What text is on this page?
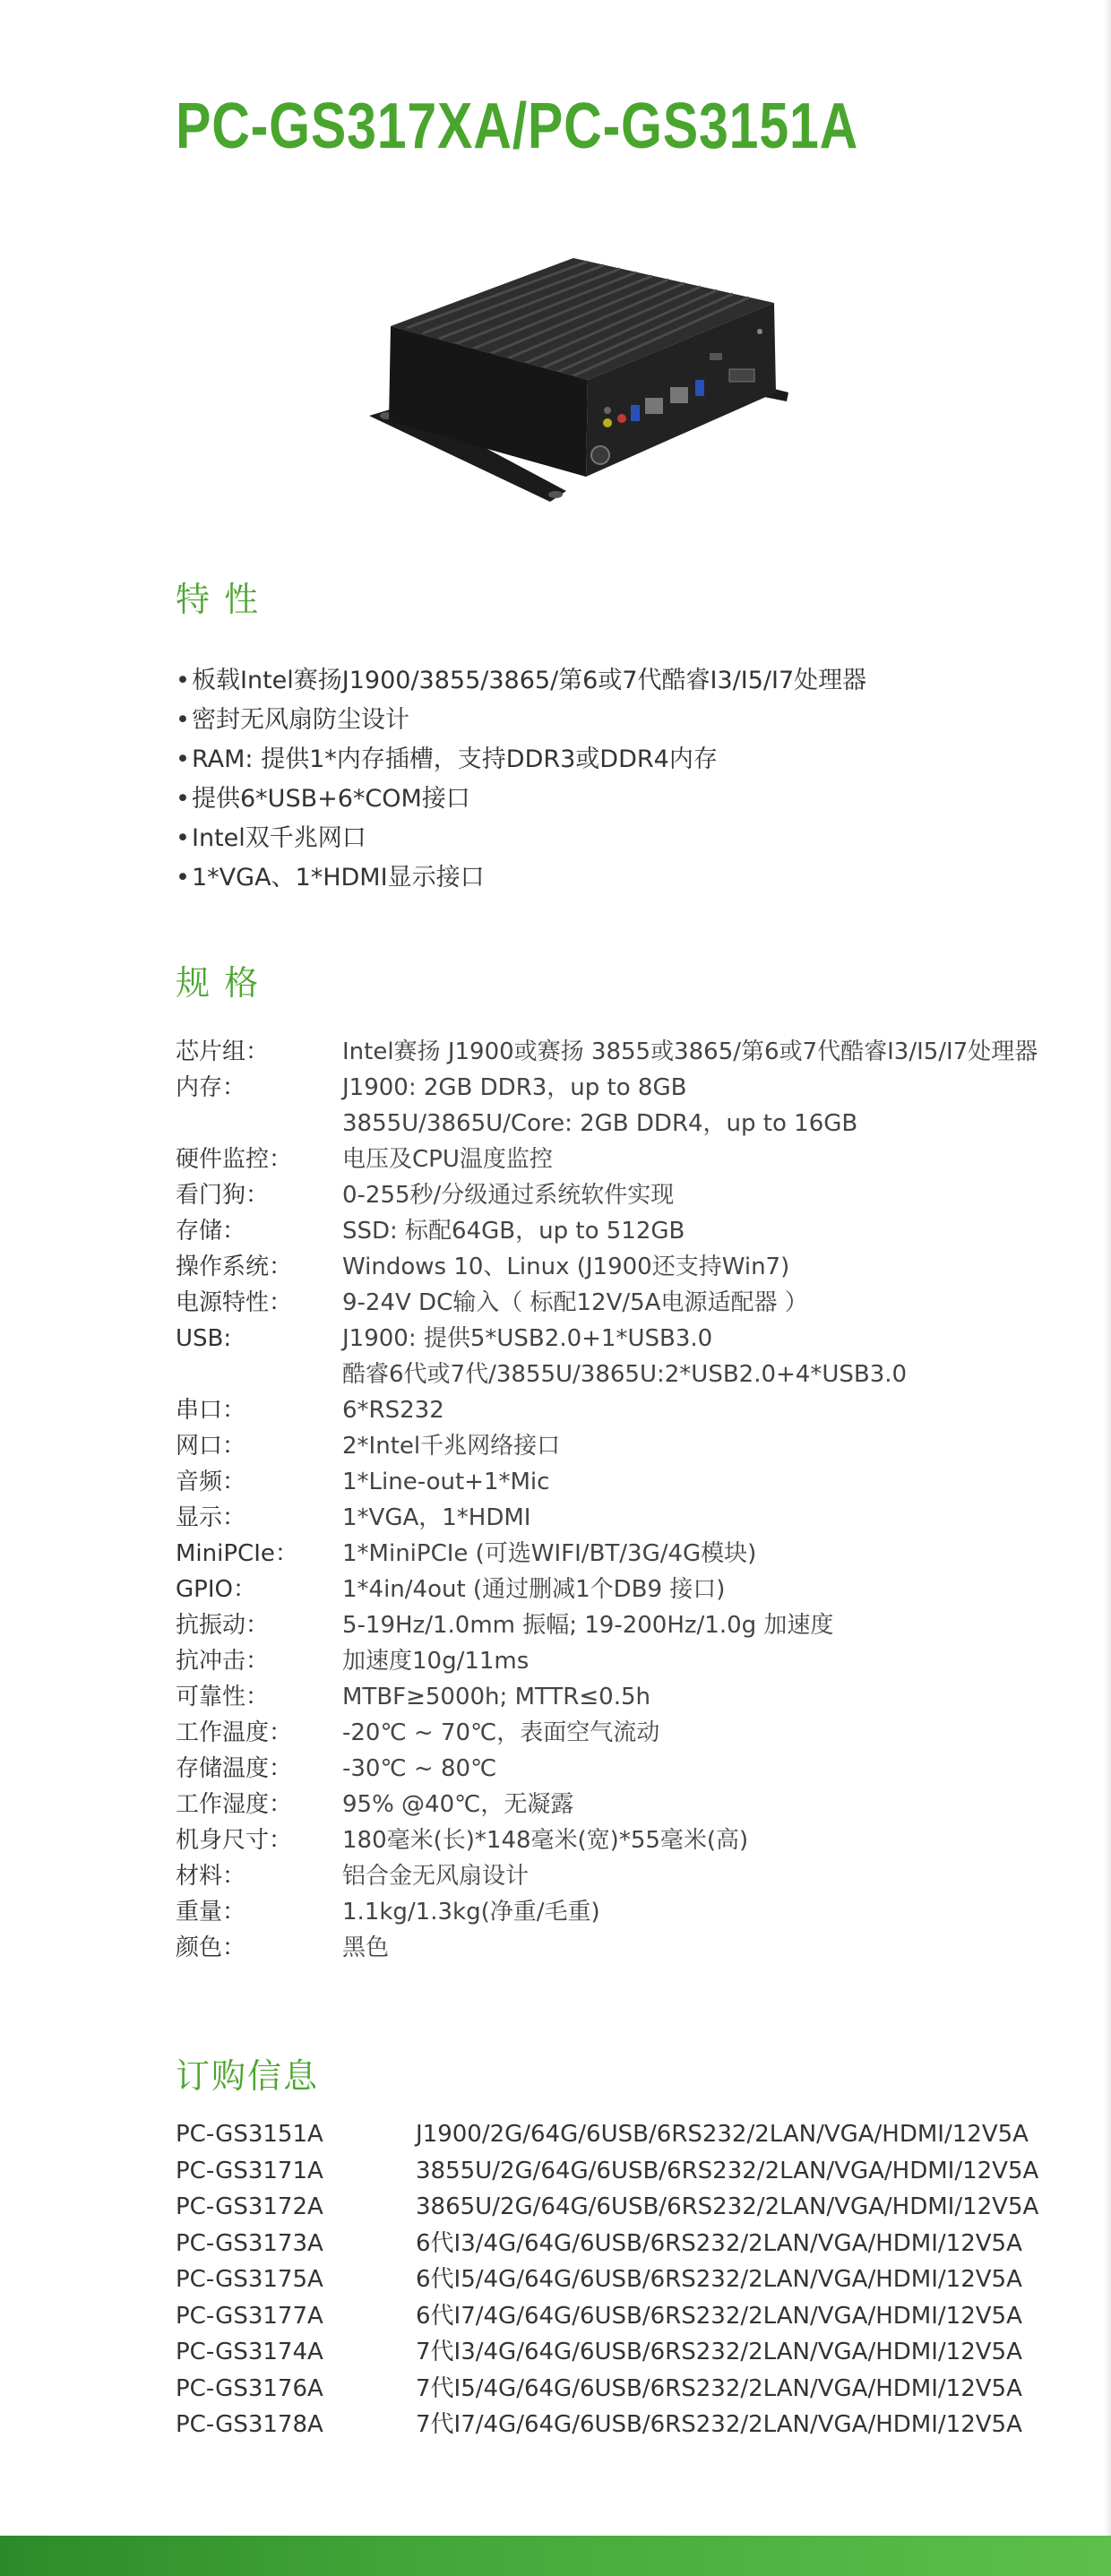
PC-GS317XA/PC-GS3151A
特 性
•板载Intel赛扬J1900/3855/3865/第6或7代酷睿I3/I5/I7处理器
•密封无风扇防尘设计
•RAM: 提供1*内存插槽，支持DDR3或DDR4内存
•提供6*USB+6*COM接口
•Intel双千兆网口
•1*VGA、1*HDMI显示接口
规 格
芯片组：	Intel赛扬 J1900或赛扬 3855或3865/第6或7代酷睿I3/I5/I7处理器
内存：	J1900: 2GB DDR3，up to 8GB
3855U/3865U/Core: 2GB DDR4，up to 16GB
硬件监控：	电压及CPU温度监控
看门狗：	0-255秒/分级通过系统软件实现
存储：	SSD: 标配64GB，up to 512GB
操作系统：	Windows 10、Linux (J1900还支持Win7)
电源特性：	9-24V DC输入（ 标配12V/5A电源适配器 ）
USB:	J1900: 提供5*USB2.0+1*USB3.0
酷睿6代或7代/3855U/3865U:2*USB2.0+4*USB3.0
串口：	6*RS232
网口：	2*Intel千兆网络接口
音频：	1*Line-out+1*Mic
显示：	1*VGA，1*HDMI
MiniPCIe：	1*MiniPCIe (可选WIFI/BT/3G/4G模块)
GPIO：	1*4in/4out (通过删减1个DB9 接口)
抗振动：	5-19Hz/1.0mm 振幅; 19-200Hz/1.0g 加速度
抗冲击：	加速度10g/11ms
可靠性：	MTBF≥5000h; MTTR≤0.5h
工作温度：	-20℃ ~ 70℃，表面空气流动
存储温度：	-30℃ ~ 80℃
工作湿度：	95% @40℃，无凝露
机身尺寸：	180毫米(长)*148毫米(宽)*55毫米(高)
材料：	铝合金无风扇设计
重量：	1.1kg/1.3kg(净重/毛重)
颜色：	黑色
订购信息
PC-GS3151A	J1900/2G/64G/6USB/6RS232/2LAN/VGA/HDMI/12V5A
PC-GS3171A	3855U/2G/64G/6USB/6RS232/2LAN/VGA/HDMI/12V5A
PC-GS3172A	3865U/2G/64G/6USB/6RS232/2LAN/VGA/HDMI/12V5A
PC-GS3173A	6代I3/4G/64G/6USB/6RS232/2LAN/VGA/HDMI/12V5A
PC-GS3175A	6代I5/4G/64G/6USB/6RS232/2LAN/VGA/HDMI/12V5A
PC-GS3177A	6代I7/4G/64G/6USB/6RS232/2LAN/VGA/HDMI/12V5A
PC-GS3174A	7代I3/4G/64G/6USB/6RS232/2LAN/VGA/HDMI/12V5A
PC-GS3176A	7代I5/4G/64G/6USB/6RS232/2LAN/VGA/HDMI/12V5A
PC-GS3178A	7代I7/4G/64G/6USB/6RS232/2LAN/VGA/HDMI/12V5A
